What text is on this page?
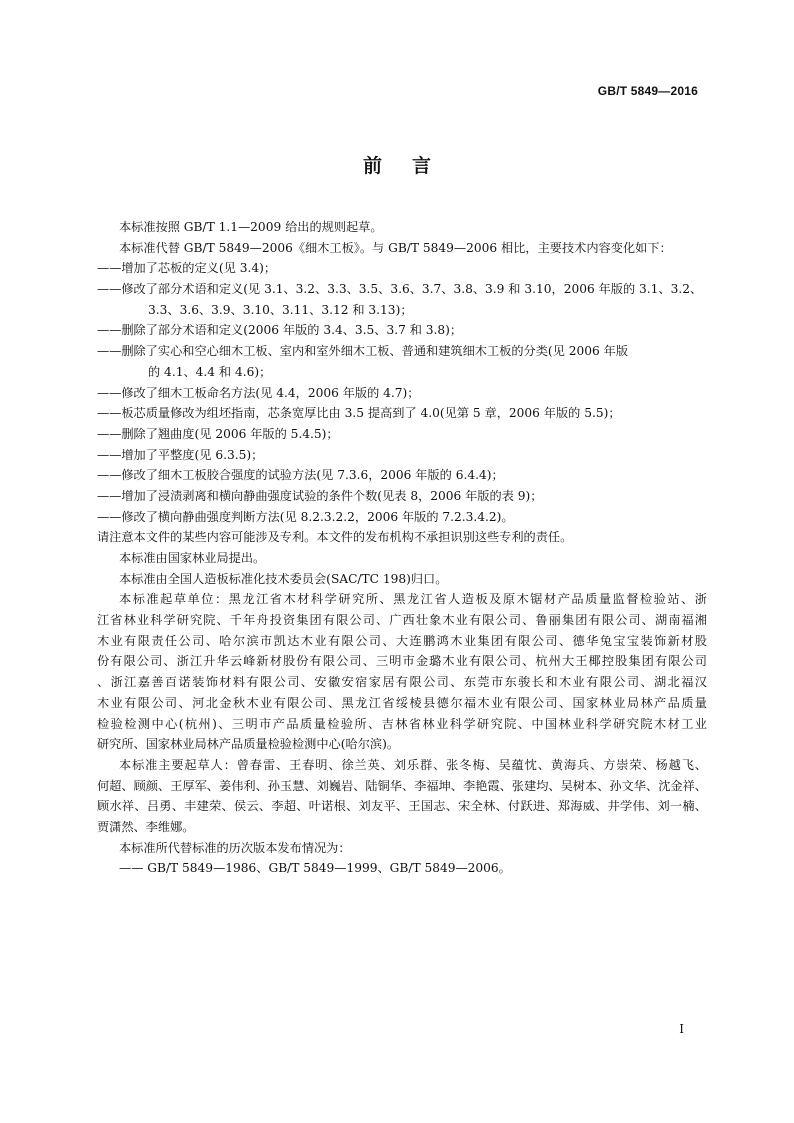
GB/T 5849—2016
前言
本标准按照 GB/T 1.1—2009 给出的规则起草。
本标准代替 GB/T 5849—2006《细木工板》。与 GB/T 5849—2006 相比，主要技术内容变化如下：
——增加了芯板的定义(见 3.4)；
——修改了部分术语和定义(见 3.1、3.2、3.3、3.5、3.6、3.7、3.8、3.9 和 3.10，2006 年版的 3.1、3.2、
3.3、3.6、3.9、3.10、3.11、3.12 和 3.13)；
——删除了部分术语和定义(2006 年版的 3.4、3.5、3.7 和 3.8)；
——删除了实心和空心细木工板、室内和室外细木工板、普通和建筑细木工板的分类(见 2006 年版
的 4.1、4.4 和 4.6)；
——修改了细木工板命名方法(见 4.4，2006 年版的 4.7)；
——板芯质量修改为组坯指南，芯条宽厚比由 3.5 提高到了 4.0(见第 5 章，2006 年版的 5.5)；
——删除了翘曲度(见 2006 年版的 5.4.5)；
——增加了平整度(见 6.3.5)；
——修改了细木工板胶合强度的试验方法(见 7.3.6，2006 年版的 6.4.4)；
——增加了浸渍剥离和横向静曲强度试验的条件个数(见表 8，2006 年版的表 9)；
——修改了横向静曲强度判断方法(见 8.2.3.2.2，2006 年版的 7.2.3.4.2)。
请注意本文件的某些内容可能涉及专利。本文件的发布机构不承担识别这些专利的责任。
本标准由国家林业局提出。
本标准由全国人造板标准化技术委员会(SAC/TC 198)归口。
本标准起草单位：黑龙江省木材科学研究所、黑龙江省人造板及原木锯材产品质量监督检验站、浙
江省林业科学研究院、千年舟投资集团有限公司、广西壮象木业有限公司、鲁丽集团有限公司、湖南福湘
木业有限责任公司、哈尔滨市凯达木业有限公司、大连鹏鸿木业集团有限公司、德华兔宝宝装饰新材股
份有限公司、浙江升华云峰新材股份有限公司、三明市金璐木业有限公司、杭州大王椰控股集团有限公司
、浙江嘉善百诺装饰材料有限公司、安徽安宿家居有限公司、东莞市东骏长和木业有限公司、湖北福汉
木业有限公司、河北金秋木业有限公司、黑龙江省绥棱县德尔福木业有限公司、国家林业局林产品质量
检验检测中心(杭州)、三明市产品质量检验所、吉林省林业科学研究院、中国林业科学研究院木材工业
研究所、国家林业局林产品质量检验检测中心(哈尔滨)。
本标准主要起草人：曾春雷、王春明、徐兰英、刘乐群、张冬梅、吴蕴忱、黄海兵、方崇荣、杨越飞、
何超、顾颜、王厚军、姜伟利、孙玉慧、刘巍岩、陆铜华、李福坤、李艳霞、张建均、吴树本、孙文华、沈金祥、
顾水祥、吕勇、丰建荣、侯云、李超、叶诺根、刘友平、王国志、宋全林、付跃进、郑海威、井学伟、刘一楠、
贾潇然、李维娜。
本标准所代替标准的历次版本发布情况为：
—— GB/T 5849—1986、GB/T 5849—1999、GB/T 5849—2006。
I
